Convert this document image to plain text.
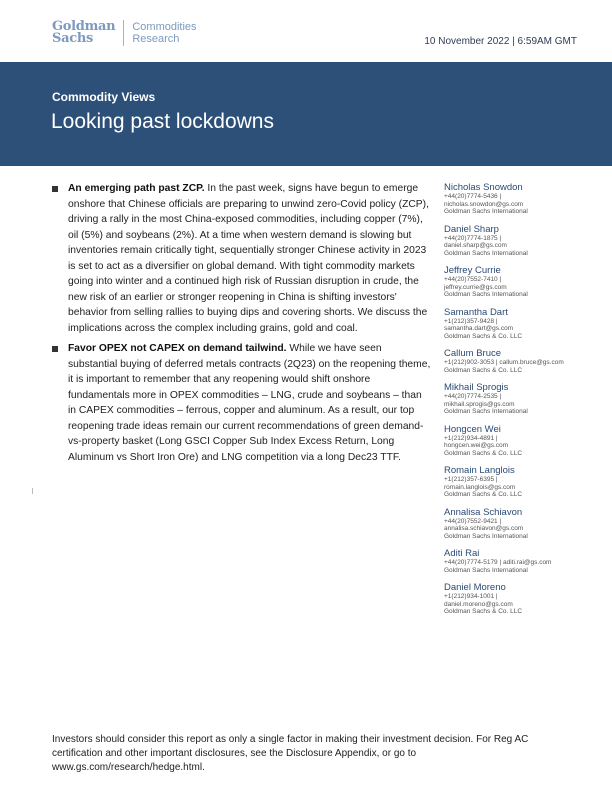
Goldman
Sachs
Commodities
Research	10 November 2022 | 6:59AM GMT
Commodity Views
Looking past lockdowns
An emerging path past ZCP. In the past week, signs have begun to emerge onshore that Chinese officials are preparing to unwind zero-Covid policy (ZCP), driving a rally in the most China-exposed commodities, including copper (7%), oil (5%) and soybeans (2%). At a time when western demand is slowing but inventories remain critically tight, sequentially stronger Chinese activity in 2023 is set to act as a diversifier on global demand. With tight commodity markets going into winter and a continued high risk of Russian disruption in crude, the new risk of an earlier or stronger reopening in China is shifting investors' behavior from selling rallies to buying dips and covering shorts. We discuss the implications across the complex including grains, gold and coal.
Favor OPEX not CAPEX on demand tailwind. While we have seen substantial buying of deferred metals contracts (2Q23) on the reopening theme, it is important to remember that any reopening would shift onshore fundamentals more in OPEX commodities – LNG, crude and soybeans – than in CAPEX commodities – ferrous, copper and aluminum. As a result, our top reopening trade ideas remain our current recommendations of green demand-vs-property basket (Long GSCI Copper Sub Index Excess Return, Long Aluminum vs Short Iron Ore) and LNG competition via a long Dec23 TTF.
Nicholas Snowdon
+44(20)7774-5436 |
nicholas.snowdon@gs.com
Goldman Sachs International
Daniel Sharp
+44(20)7774-1875 |
daniel.sharp@gs.com
Goldman Sachs International
Jeffrey Currie
+44(20)7552-7410 |
jeffrey.currie@gs.com
Goldman Sachs International
Samantha Dart
+1(212)357-9428 |
samantha.dart@gs.com
Goldman Sachs & Co. LLC
Callum Bruce
+1(212)902-3053 | callum.bruce@gs.com
Goldman Sachs & Co. LLC
Mikhail Sprogis
+44(20)7774-2535 |
mikhail.sprogis@gs.com
Goldman Sachs International
Hongcen Wei
+1(212)934-4891 |
hongcen.wei@gs.com
Goldman Sachs & Co. LLC
Romain Langlois
+1(212)357-6395 |
romain.langlois@gs.com
Goldman Sachs & Co. LLC
Annalisa Schiavon
+44(20)7552-9421 |
annalisa.schiavon@gs.com
Goldman Sachs International
Aditi Rai
+44(20)7774-5179 | aditi.rai@gs.com
Goldman Sachs International
Daniel Moreno
+1(212)934-1001 |
daniel.moreno@gs.com
Goldman Sachs & Co. LLC
Investors should consider this report as only a single factor in making their investment decision. For Reg AC certification and other important disclosures, see the Disclosure Appendix, or go to www.gs.com/research/hedge.html.
